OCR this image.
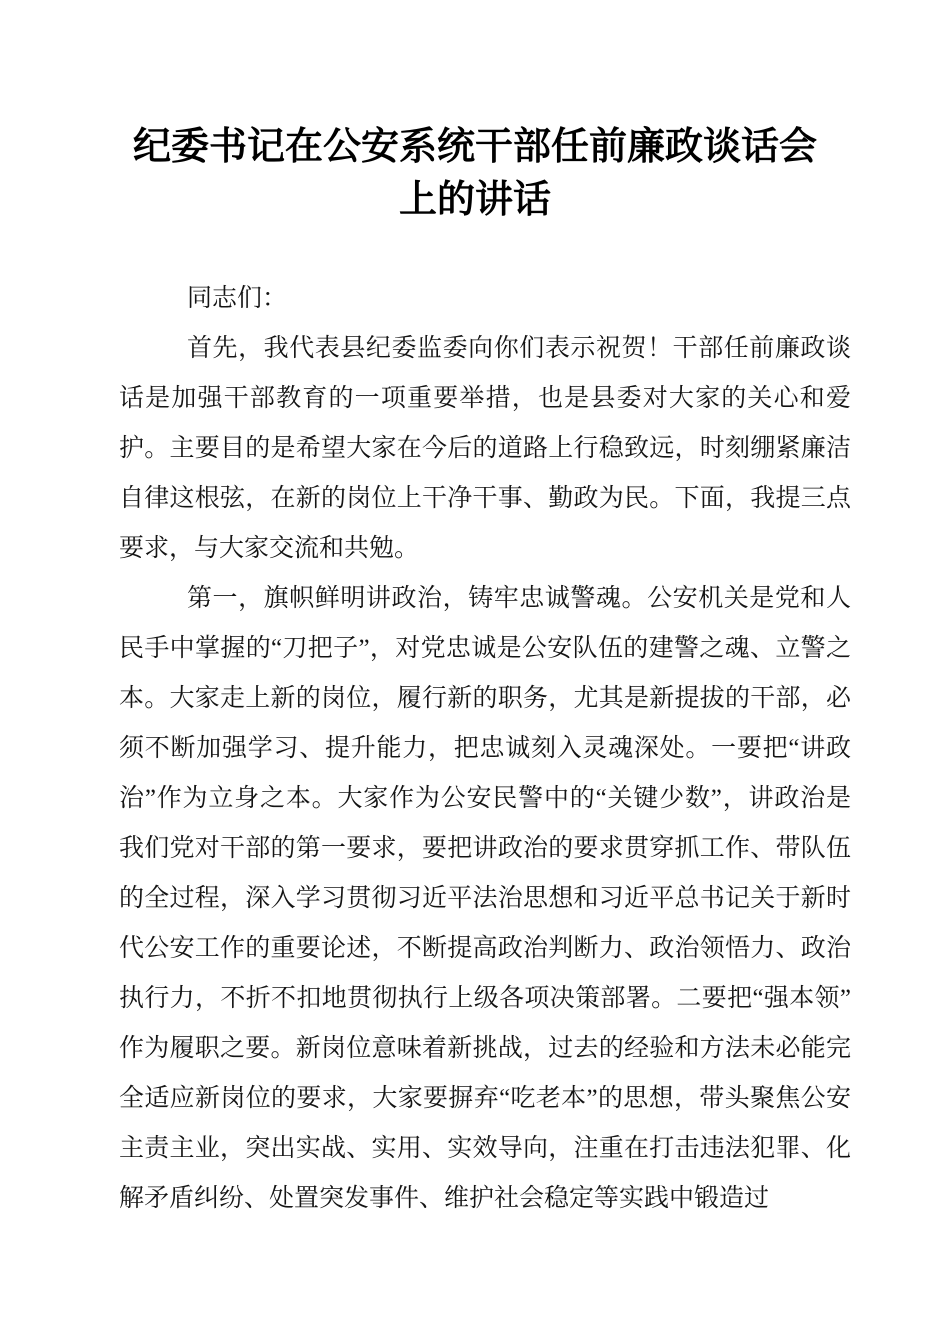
纪委书记在公安系统干部任前廉政谈话会上的讲话

同志们：

首先，我代表县纪委监委向你们表示祝贺！干部任前廉政谈话是加强干部教育的一项重要举措，也是县委对大家的关心和爱护。主要目的是希望大家在今后的道路上行稳致远，时刻绷紧廉洁自律这根弦，在新的岗位上干净干事、勤政为民。下面，我提三点要求，与大家交流和共勉。

第一，旗帜鲜明讲政治，铸牢忠诚警魂。公安机关是党和人民手中掌握的“刀把子”，对党忠诚是公安队伍的建警之魂、立警之本。大家走上新的岗位，履行新的职务，尤其是新提拔的干部，必须不断加强学习、提升能力，把忠诚刻入灵魂深处。一要把“讲政治”作为立身之本。大家作为公安民警中的“关键少数”，讲政治是我们党对干部的第一要求，要把讲政治的要求贯穿抓工作、带队伍的全过程，深入学习贯彻习近平法治思想和习近平总书记关于新时代公安工作的重要论述，不断提高政治判断力、政治领悟力、政治执行力，不折不扣地贯彻执行上级各项决策部署。二要把“强本领”作为履职之要。新岗位意味着新挑战，过去的经验和方法未必能完全适应新岗位的要求，大家要摒弃“吃老本”的思想，带头聚焦公安主责主业，突出实战、实用、实效导向，注重在打击违法犯罪、化解矛盾纠纷、处置突发事件、维护社会稳定等实践中锻造过
